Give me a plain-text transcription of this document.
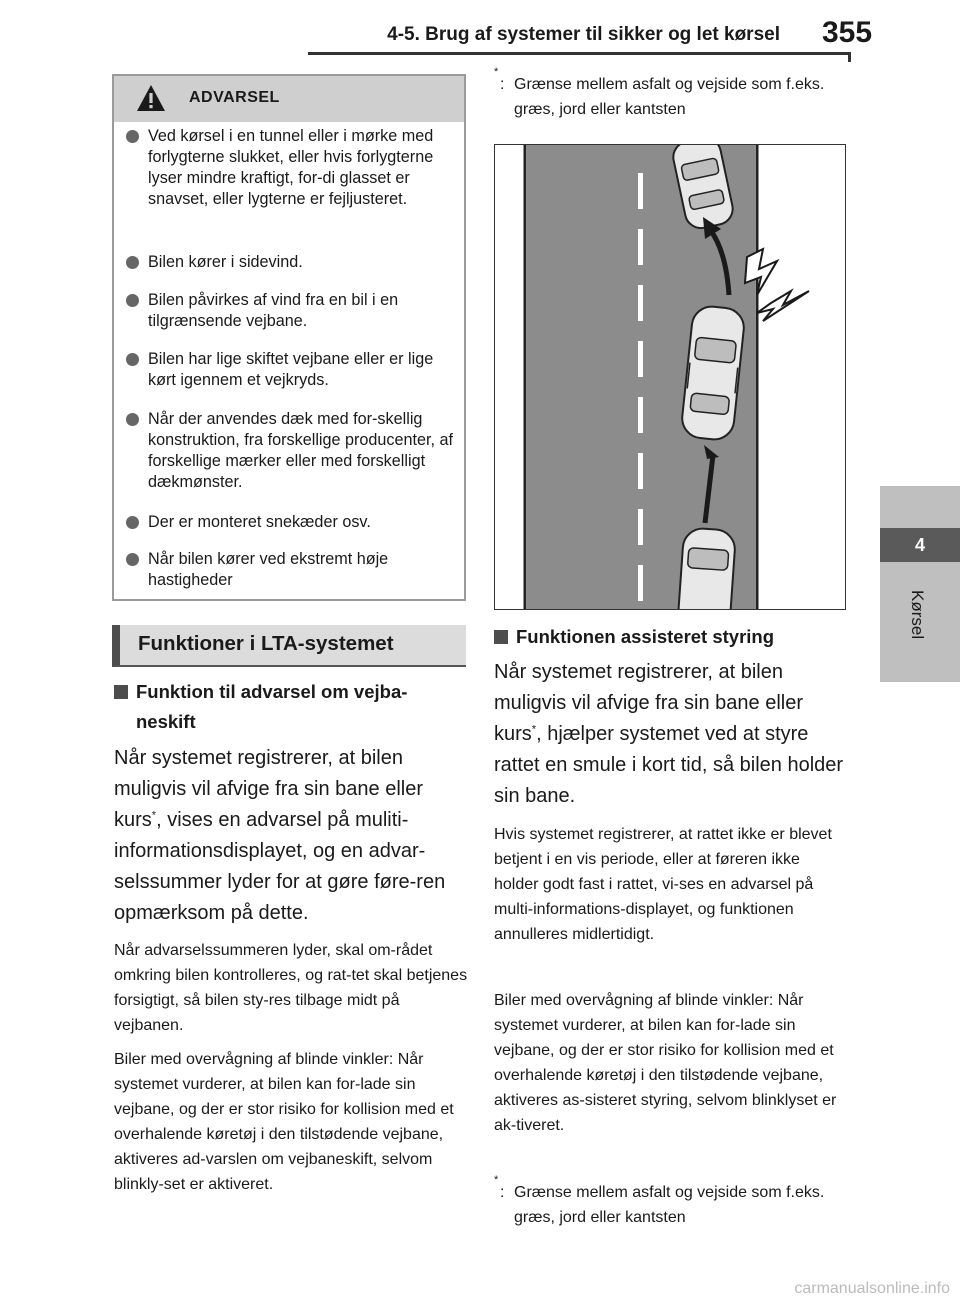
4-5. Brug af systemer til sikker og let kørsel 355
4
Kørsel
ADVARSEL
Ved kørsel i en tunnel eller i mørke med forlygterne slukket, eller hvis forlygterne lyser mindre kraftigt, for-di glasset er snavset, eller lygterne er fejljusteret.
Bilen kører i sidevind.
Bilen påvirkes af vind fra en bil i en tilgrænsende vejbane.
Bilen har lige skiftet vejbane eller er lige kørt igennem et vejkryds.
Når der anvendes dæk med for-skellig konstruktion, fra forskellige producenter, af forskellige mærker eller med forskelligt dækmønster.
Der er monteret snekæder osv.
Når bilen kører ved ekstremt høje hastigheder
Funktioner i LTA-systemet
Funktion til advarsel om vejba-neskift
Når systemet registrerer, at bilen muligvis vil afvige fra sin bane eller kurs*, vises en advarsel på muliti-informationsdisplayet, og en advar-selssummer lyder for at gøre føre-ren opmærksom på dette.
Når advarselssummeren lyder, skal om-rådet omkring bilen kontrolleres, og rat-tet skal betjenes forsigtigt, så bilen sty-res tilbage midt på vejbanen.
Biler med overvågning af blinde vinkler: Når systemet vurderer, at bilen kan for-lade sin vejbane, og der er stor risiko for kollision med et overhalende køretøj i den tilstødende vejbane, aktiveres ad-varslen om vejbaneskift, selvom blinkly-set er aktiveret.
*
: Grænse mellem asfalt og vejside som f.eks. græs, jord eller kantsten
Funktionen assisteret styring
Når systemet registrerer, at bilen muligvis vil afvige fra sin bane eller kurs*, hjælper systemet ved at styre rattet en smule i kort tid, så bilen holder sin bane.
Hvis systemet registrerer, at rattet ikke er blevet betjent i en vis periode, eller at føreren ikke holder godt fast i rattet, vi-ses en advarsel på multi-informations-displayet, og funktionen annulleres midlertidigt.
Biler med overvågning af blinde vinkler: Når systemet vurderer, at bilen kan for-lade sin vejbane, og der er stor risiko for kollision med et overhalende køretøj i den tilstødende vejbane, aktiveres as-sisteret styring, selvom blinklyset er ak-tiveret.
*
: Grænse mellem asfalt og vejside som f.eks. græs, jord eller kantsten
carmanualsonline.info
